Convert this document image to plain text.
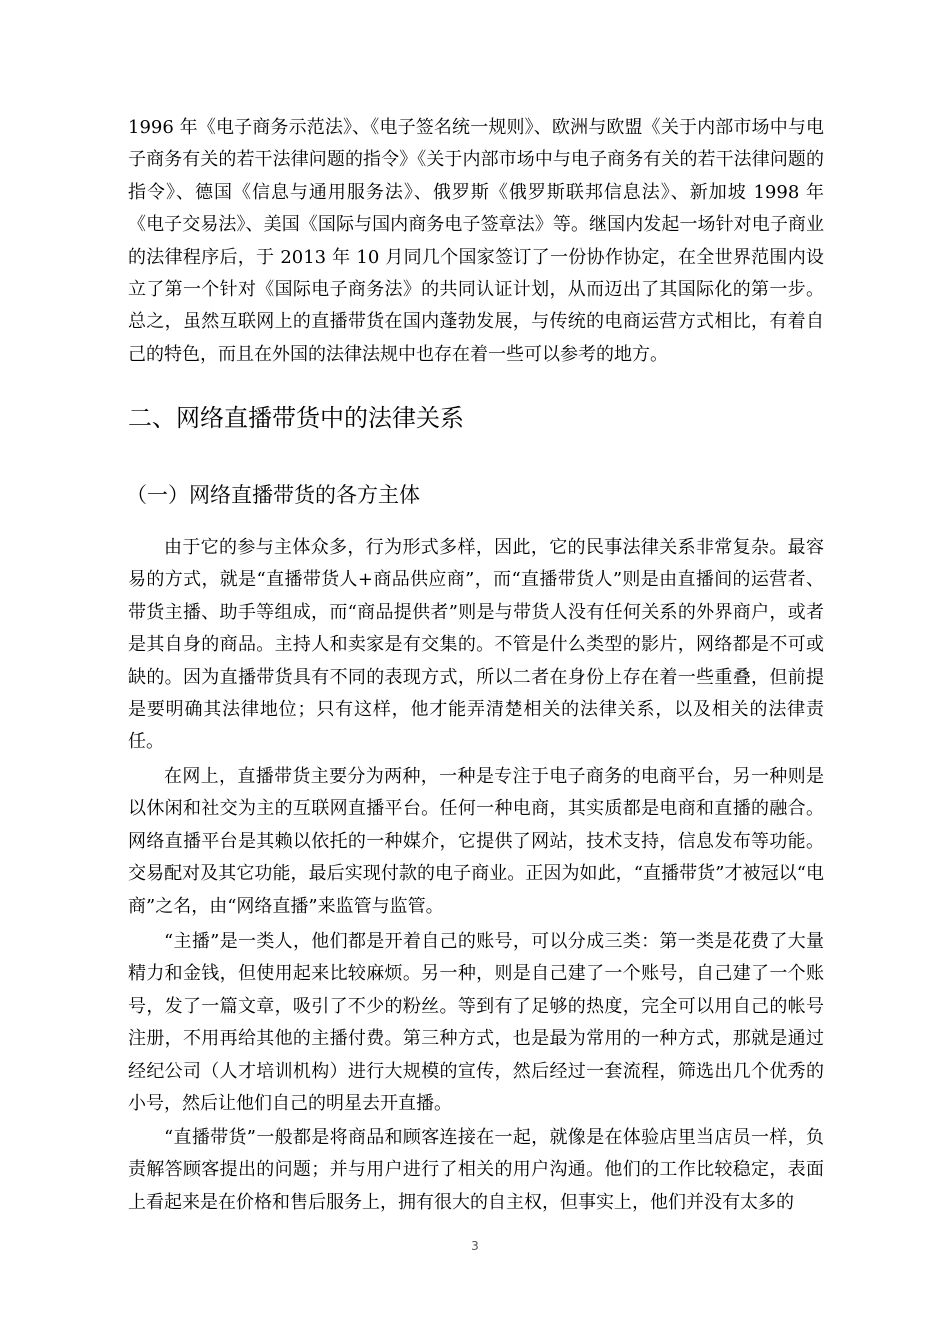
1996 年《电子商务示范法》、《电子签名统一规则》、欧洲与欧盟《关于内部市场中与电子商务有关的若干法律问题的指令》《关于内部市场中与电子商务有关的若干法律问题的指令》、德国《信息与通用服务法》、俄罗斯《俄罗斯联邦信息法》、新加坡 1998 年《电子交易法》、美国《国际与国内商务电子签章法》等。继国内发起一场针对电子商业的法律程序后，于 2013 年 10 月同几个国家签订了一份协作协定，在全世界范围内设立了第一个针对《国际电子商务法》的共同认证计划，从而迈出了其国际化的第一步。总之，虽然互联网上的直播带货在国内蓬勃发展，与传统的电商运营方式相比，有着自己的特色，而且在外国的法律法规中也存在着一些可以参考的地方。

二、网络直播带货中的法律关系
（一）网络直播带货的各方主体

由于它的参与主体众多，行为形式多样，因此，它的民事法律关系非常复杂。最容易的方式，就是“直播带货人+商品供应商”，而“直播带货人”则是由直播间的运营者、带货主播、助手等组成，而“商品提供者”则是与带货人没有任何关系的外界商户，或者是其自身的商品。主持人和卖家是有交集的。不管是什么类型的影片，网络都是不可或缺的。因为直播带货具有不同的表现方式，所以二者在身份上存在着一些重叠，但前提是要明确其法律地位；只有这样，他才能弄清楚相关的法律关系，以及相关的法律责任。

在网上，直播带货主要分为两种，一种是专注于电子商务的电商平台，另一种则是以休闲和社交为主的互联网直播平台。任何一种电商，其实质都是电商和直播的融合。网络直播平台是其赖以依托的一种媒介，它提供了网站，技术支持，信息发布等功能。交易配对及其它功能，最后实现付款的电子商业。正因为如此，“直播带货”才被冠以“电商”之名，由“网络直播”来监管与监管。

“主播”是一类人，他们都是开着自己的账号，可以分成三类：第一类是花费了大量精力和金钱，但使用起来比较麻烦。另一种，则是自己建了一个账号，自己建了一个账号，发了一篇文章，吸引了不少的粉丝。等到有了足够的热度，完全可以用自己的帐号注册，不用再给其他的主播付费。第三种方式，也是最为常用的一种方式，那就是通过经纪公司（人才培训机构）进行大规模的宣传，然后经过一套流程，筛选出几个优秀的小号，然后让他们自己的明星去开直播。

“直播带货”一般都是将商品和顾客连接在一起，就像是在体验店里当店员一样，负责解答顾客提出的问题；并与用户进行了相关的用户沟通。他们的工作比较稳定，表面上看起来是在价格和售后服务上，拥有很大的自主权，但事实上，他们并没有太多的

3
